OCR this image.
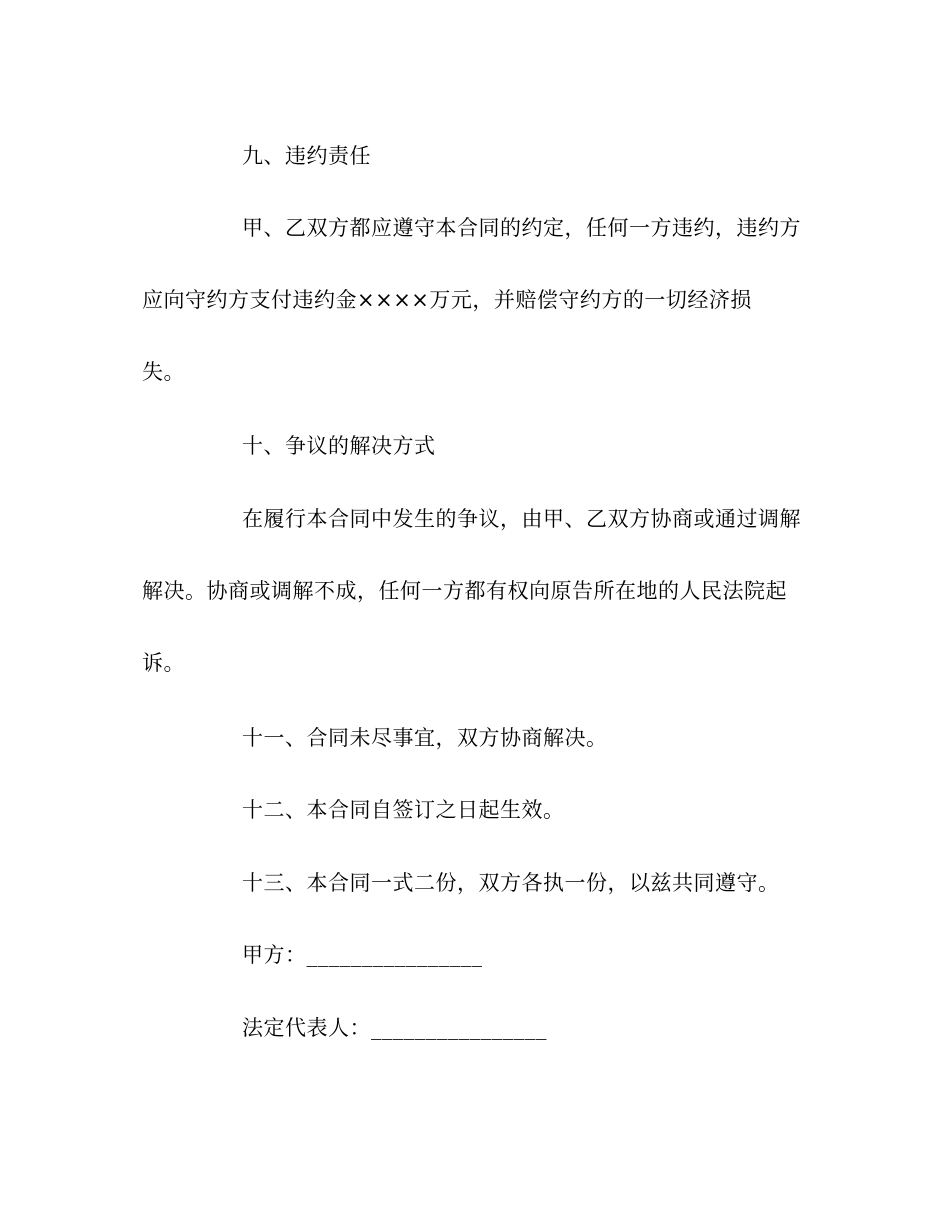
九、违约责任
甲、乙双方都应遵守本合同的约定，任何一方违约，违约方
应向守约方支付违约金××××万元，并赔偿守约方的一切经济损
失。
十、争议的解决方式
在履行本合同中发生的争议，由甲、乙双方协商或通过调解
解决。协商或调解不成，任何一方都有权向原告所在地的人民法院起
诉。
十一、合同未尽事宜，双方协商解决。
十二、本合同自签订之日起生效。
十三、本合同一式二份，双方各执一份，以兹共同遵守。
甲方：________________
法定代表人：________________
